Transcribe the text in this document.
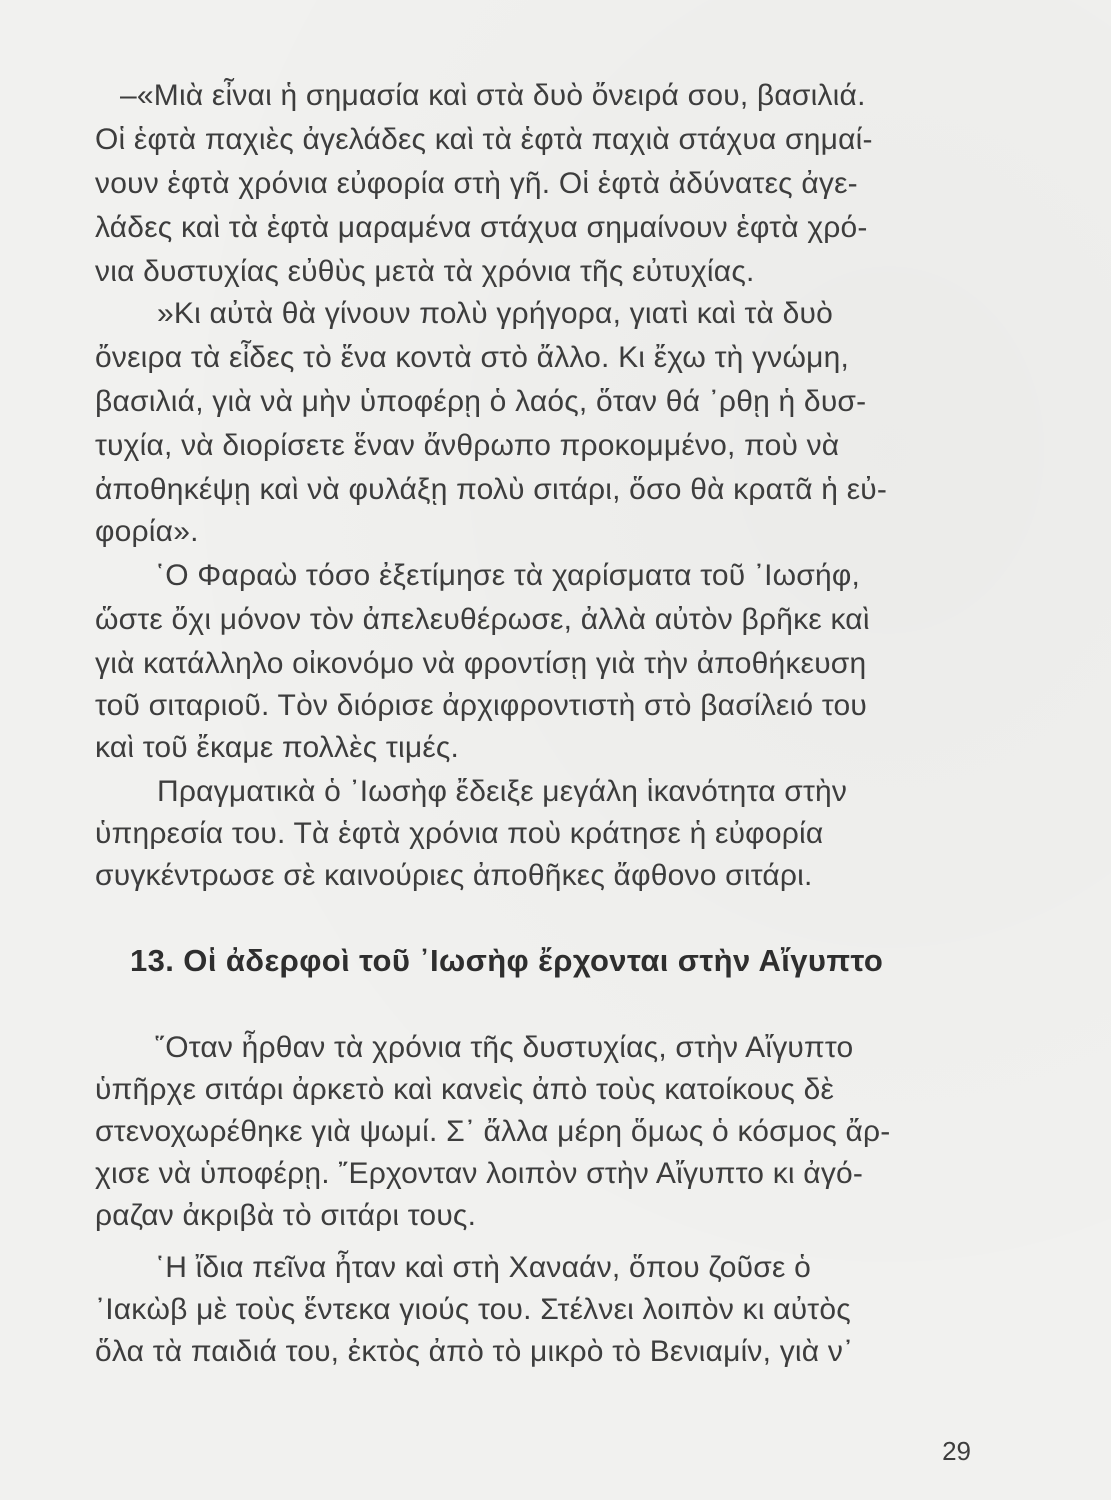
–«Μιὰ εἶναι ἡ σημασία καὶ στὰ δυὸ ὄνειρά σου, βασιλιά.
Οἱ ἑφτὰ παχιὲς ἀγελάδες καὶ τὰ ἑφτὰ παχιὰ στάχυα σημαί-
νουν ἑφτὰ χρόνια εὐφορία στὴ γῆ. Οἱ ἑφτὰ ἀδύνατες ἀγε-
λάδες καὶ τὰ ἑφτὰ μαραμένα στάχυα σημαίνουν ἑφτὰ χρό-
νια δυστυχίας εὐθὺς μετὰ τὰ χρόνια τῆς εὐτυχίας.
»Κι αὐτὰ θὰ γίνουν πολὺ γρήγορα, γιατὶ καὶ τὰ δυὸ
ὄνειρα τὰ εἶδες τὸ ἕνα κοντὰ στὸ ἄλλο. Κι ἔχω τὴ γνώμη,
βασιλιά, γιὰ νὰ μὴν ὑποφέρῃ ὁ λαός, ὅταν θά ᾿ρθῃ ἡ δυσ-
τυχία, νὰ διορίσετε ἕναν ἄνθρωπο προκομμένο, ποὺ νὰ
ἀποθηκέψῃ καὶ νὰ φυλάξῃ πολὺ σιτάρι, ὅσο θὰ κρατᾶ ἡ εὐ-
φορία».
῾Ο Φαραὼ τόσο ἐξετίμησε τὰ χαρίσματα τοῦ ᾿Ιωσήφ,
ὥστε ὄχι μόνον τὸν ἀπελευθέρωσε, ἀλλὰ αὐτὸν βρῆκε καὶ
γιὰ κατάλληλο οἰκονόμο νὰ φροντίσῃ γιὰ τὴν ἀποθήκευση
τοῦ σιταριοῦ. Τὸν διόρισε ἀρχιφροντιστὴ στὸ βασίλειό του
καὶ τοῦ ἔκαμε πολλὲς τιμές.
Πραγματικὰ ὁ ᾿Ιωσὴφ ἔδειξε μεγάλη ἱκανότητα στὴν
ὑπηρεσία του. Τὰ ἑφτὰ χρόνια ποὺ κράτησε ἡ εὐφορία
συγκέντρωσε σὲ καινούριες ἀποθῆκες ἄφθονο σιτάρι.
13. Οἱ ἀδερφοὶ τοῦ ᾿Ιωσὴφ ἔρχονται στὴν Αἴγυπτο
῞Οταν ἦρθαν τὰ χρόνια τῆς δυστυχίας, στὴν Αἴγυπτο
ὑπῆρχε σιτάρι ἀρκετὸ καὶ κανεὶς ἀπὸ τοὺς κατοίκους δὲ
στενοχωρέθηκε γιὰ ψωμί. Σ᾿ ἄλλα μέρη ὅμως ὁ κόσμος ἄρ-
χισε νὰ ὑποφέρῃ. ῎Ερχονταν λοιπὸν στὴν Αἴγυπτο κι ἀγό-
ραζαν ἀκριβὰ τὸ σιτάρι τους.
῾Η ἴδια πεῖνα ἦταν καὶ στὴ Χαναάν, ὅπου ζοῦσε ὁ
᾿Ιακὼβ μὲ τοὺς ἕντεκα γιούς του. Στέλνει λοιπὸν κι αὐτὸς
ὅλα τὰ παιδιά του, ἐκτὸς ἀπὸ τὸ μικρὸ τὸ Βενιαμίν, γιὰ ν᾿
29
